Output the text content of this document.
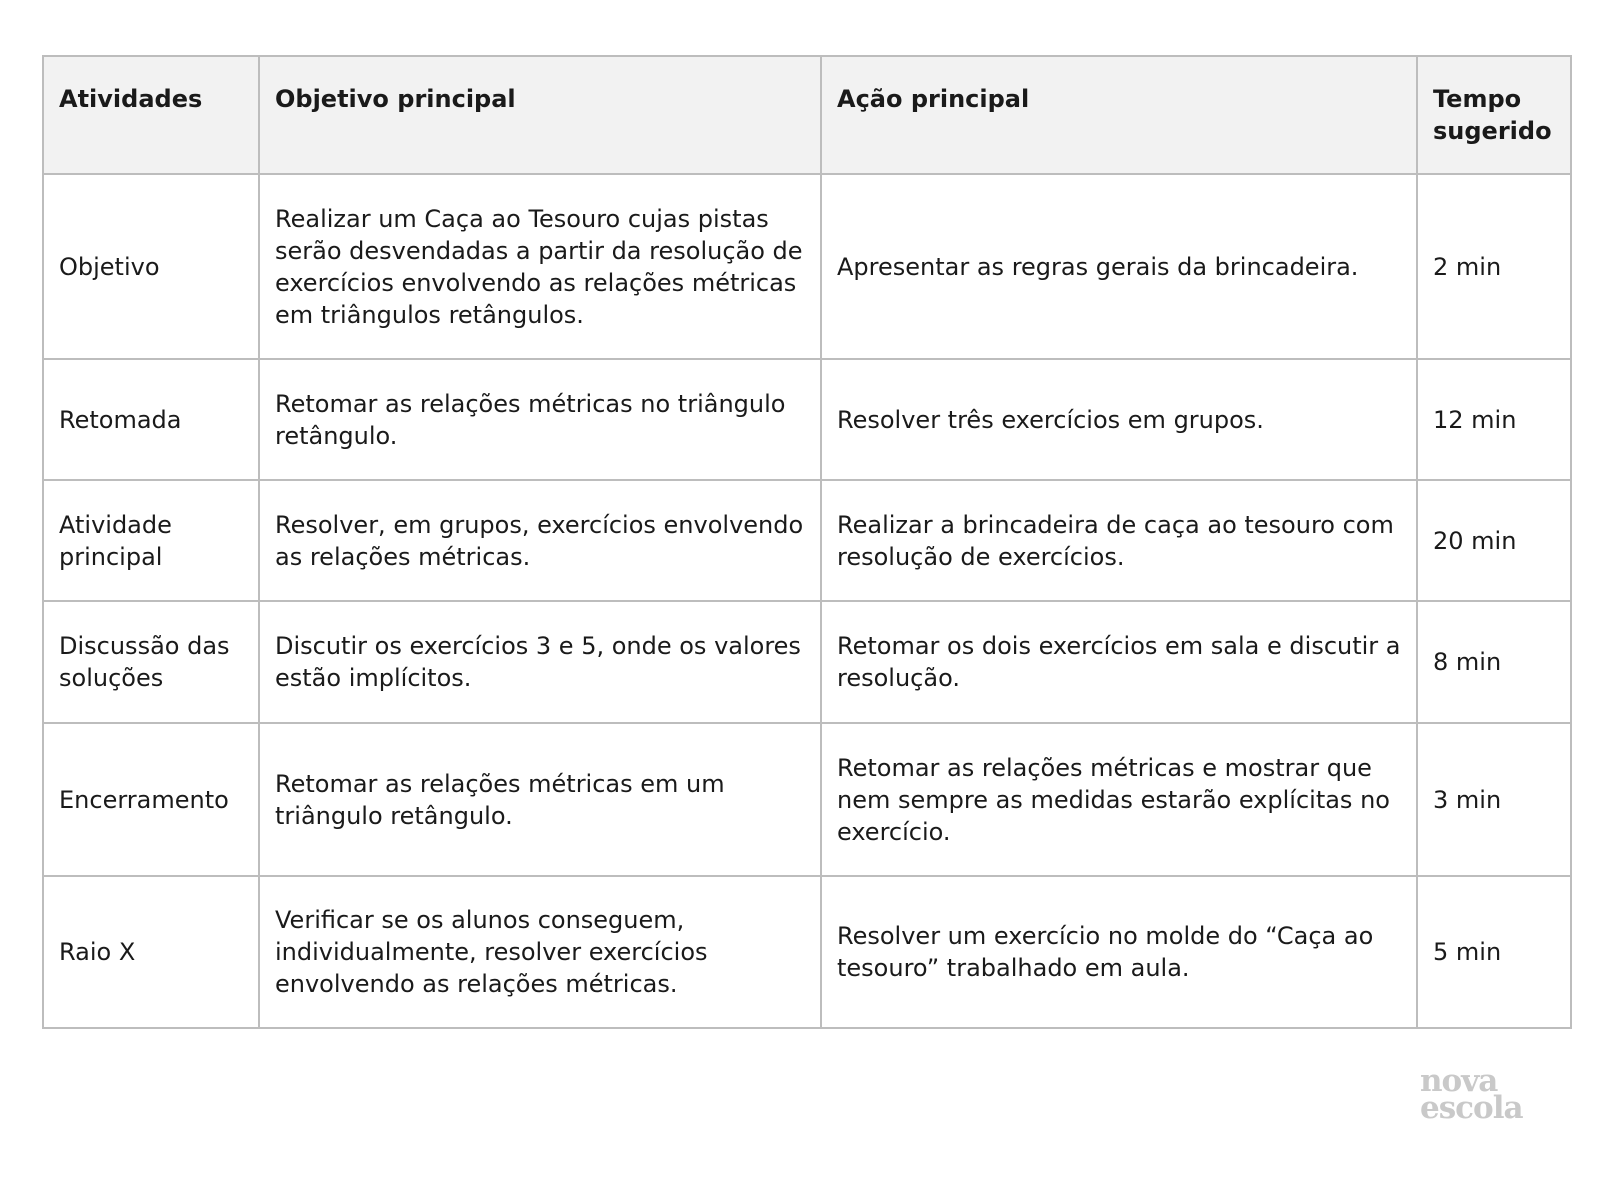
Atividades	Objetivo principal	Ação principal	Tempo sugerido
Objetivo	Realizar um Caça ao Tesouro cujas pistas serão desvendadas a partir da resolução de exercícios envolvendo as relações métricas em triângulos retângulos.	Apresentar as regras gerais da brincadeira.	2 min
Retomada	Retomar as relações métricas no triângulo retângulo.	Resolver três exercícios em grupos.	12 min
Atividade principal	Resolver, em grupos, exercícios envolvendo as relações métricas.	Realizar a brincadeira de caça ao tesouro com resolução de exercícios.	20 min
Discussão das soluções	Discutir os exercícios 3 e 5, onde os valores estão implícitos.	Retomar os dois exercícios em sala e discutir a resolução.	8 min
Encerramento	Retomar as relações métricas em um triângulo retângulo.	Retomar as relações métricas e mostrar que nem sempre as medidas estarão explícitas no exercício.	3 min
Raio X	Verificar se os alunos conseguem, individualmente, resolver exercícios envolvendo as relações métricas.	Resolver um exercício no molde do “Caça ao tesouro” trabalhado em aula.	5 min
nova
escola
